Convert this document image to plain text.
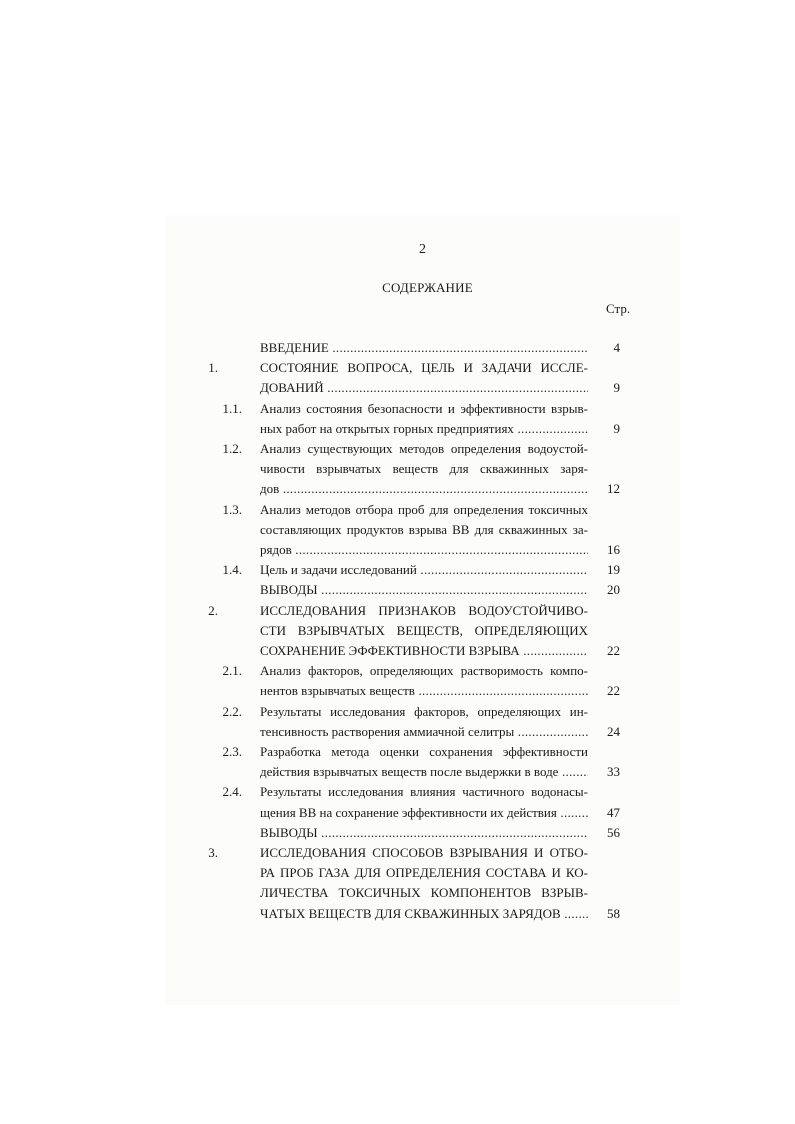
2
СОДЕРЖАНИЕ
Стр.
ВВЕДЕНИЕ .....	4
1.	СОСТОЯНИЕ ВОПРОСА, ЦЕЛЬ И ЗАДАЧИ ИССЛЕ-
ДОВАНИЙ .....	9
1.1. Анализ состояния безопасности и эффективности взрыв-
ных работ на открытых горных предприятиях .....	9
1.2. Анализ существующих методов определения водоустой-
чивости взрывчатых веществ для скважинных заря-
дов .....	12
1.3. Анализ методов отбора проб для определения токсичных
составляющих продуктов взрыва ВВ для скважинных за-
рядов .....	16
1.4. Цель и задачи исследований .....	19
ВЫВОДЫ .....	20
2.	ИССЛЕДОВАНИЯ ПРИЗНАКОВ ВОДОУСТОЙЧИВО-
СТИ ВЗРЫВЧАТЫХ ВЕЩЕСТВ, ОПРЕДЕЛЯЮЩИХ
СОХРАНЕНИЕ ЭФФЕКТИВНОСТИ ВЗРЫВА .....	22
2.1. Анализ факторов, определяющих растворимость компо-
нентов взрывчатых веществ .....	22
2.2. Результаты исследования факторов, определяющих ин-
тенсивность растворения аммиачной селитры .....	24
2.3. Разработка метода оценки сохранения эффективности
действия взрывчатых веществ после выдержки в воде .....	33
2.4. Результаты исследования влияния частичного водонасы-
щения ВВ на сохранение эффективности их действия .....	47
ВЫВОДЫ .....	56
3.	ИССЛЕДОВАНИЯ СПОСОБОВ ВЗРЫВАНИЯ И ОТБО-
РА ПРОБ ГАЗА ДЛЯ ОПРЕДЕЛЕНИЯ СОСТАВА И КО-
ЛИЧЕСТВА ТОКСИЧНЫХ КОМПОНЕНТОВ ВЗРЫВ-
ЧАТЫХ ВЕЩЕСТВ ДЛЯ СКВАЖИННЫХ ЗАРЯДОВ .....	58
